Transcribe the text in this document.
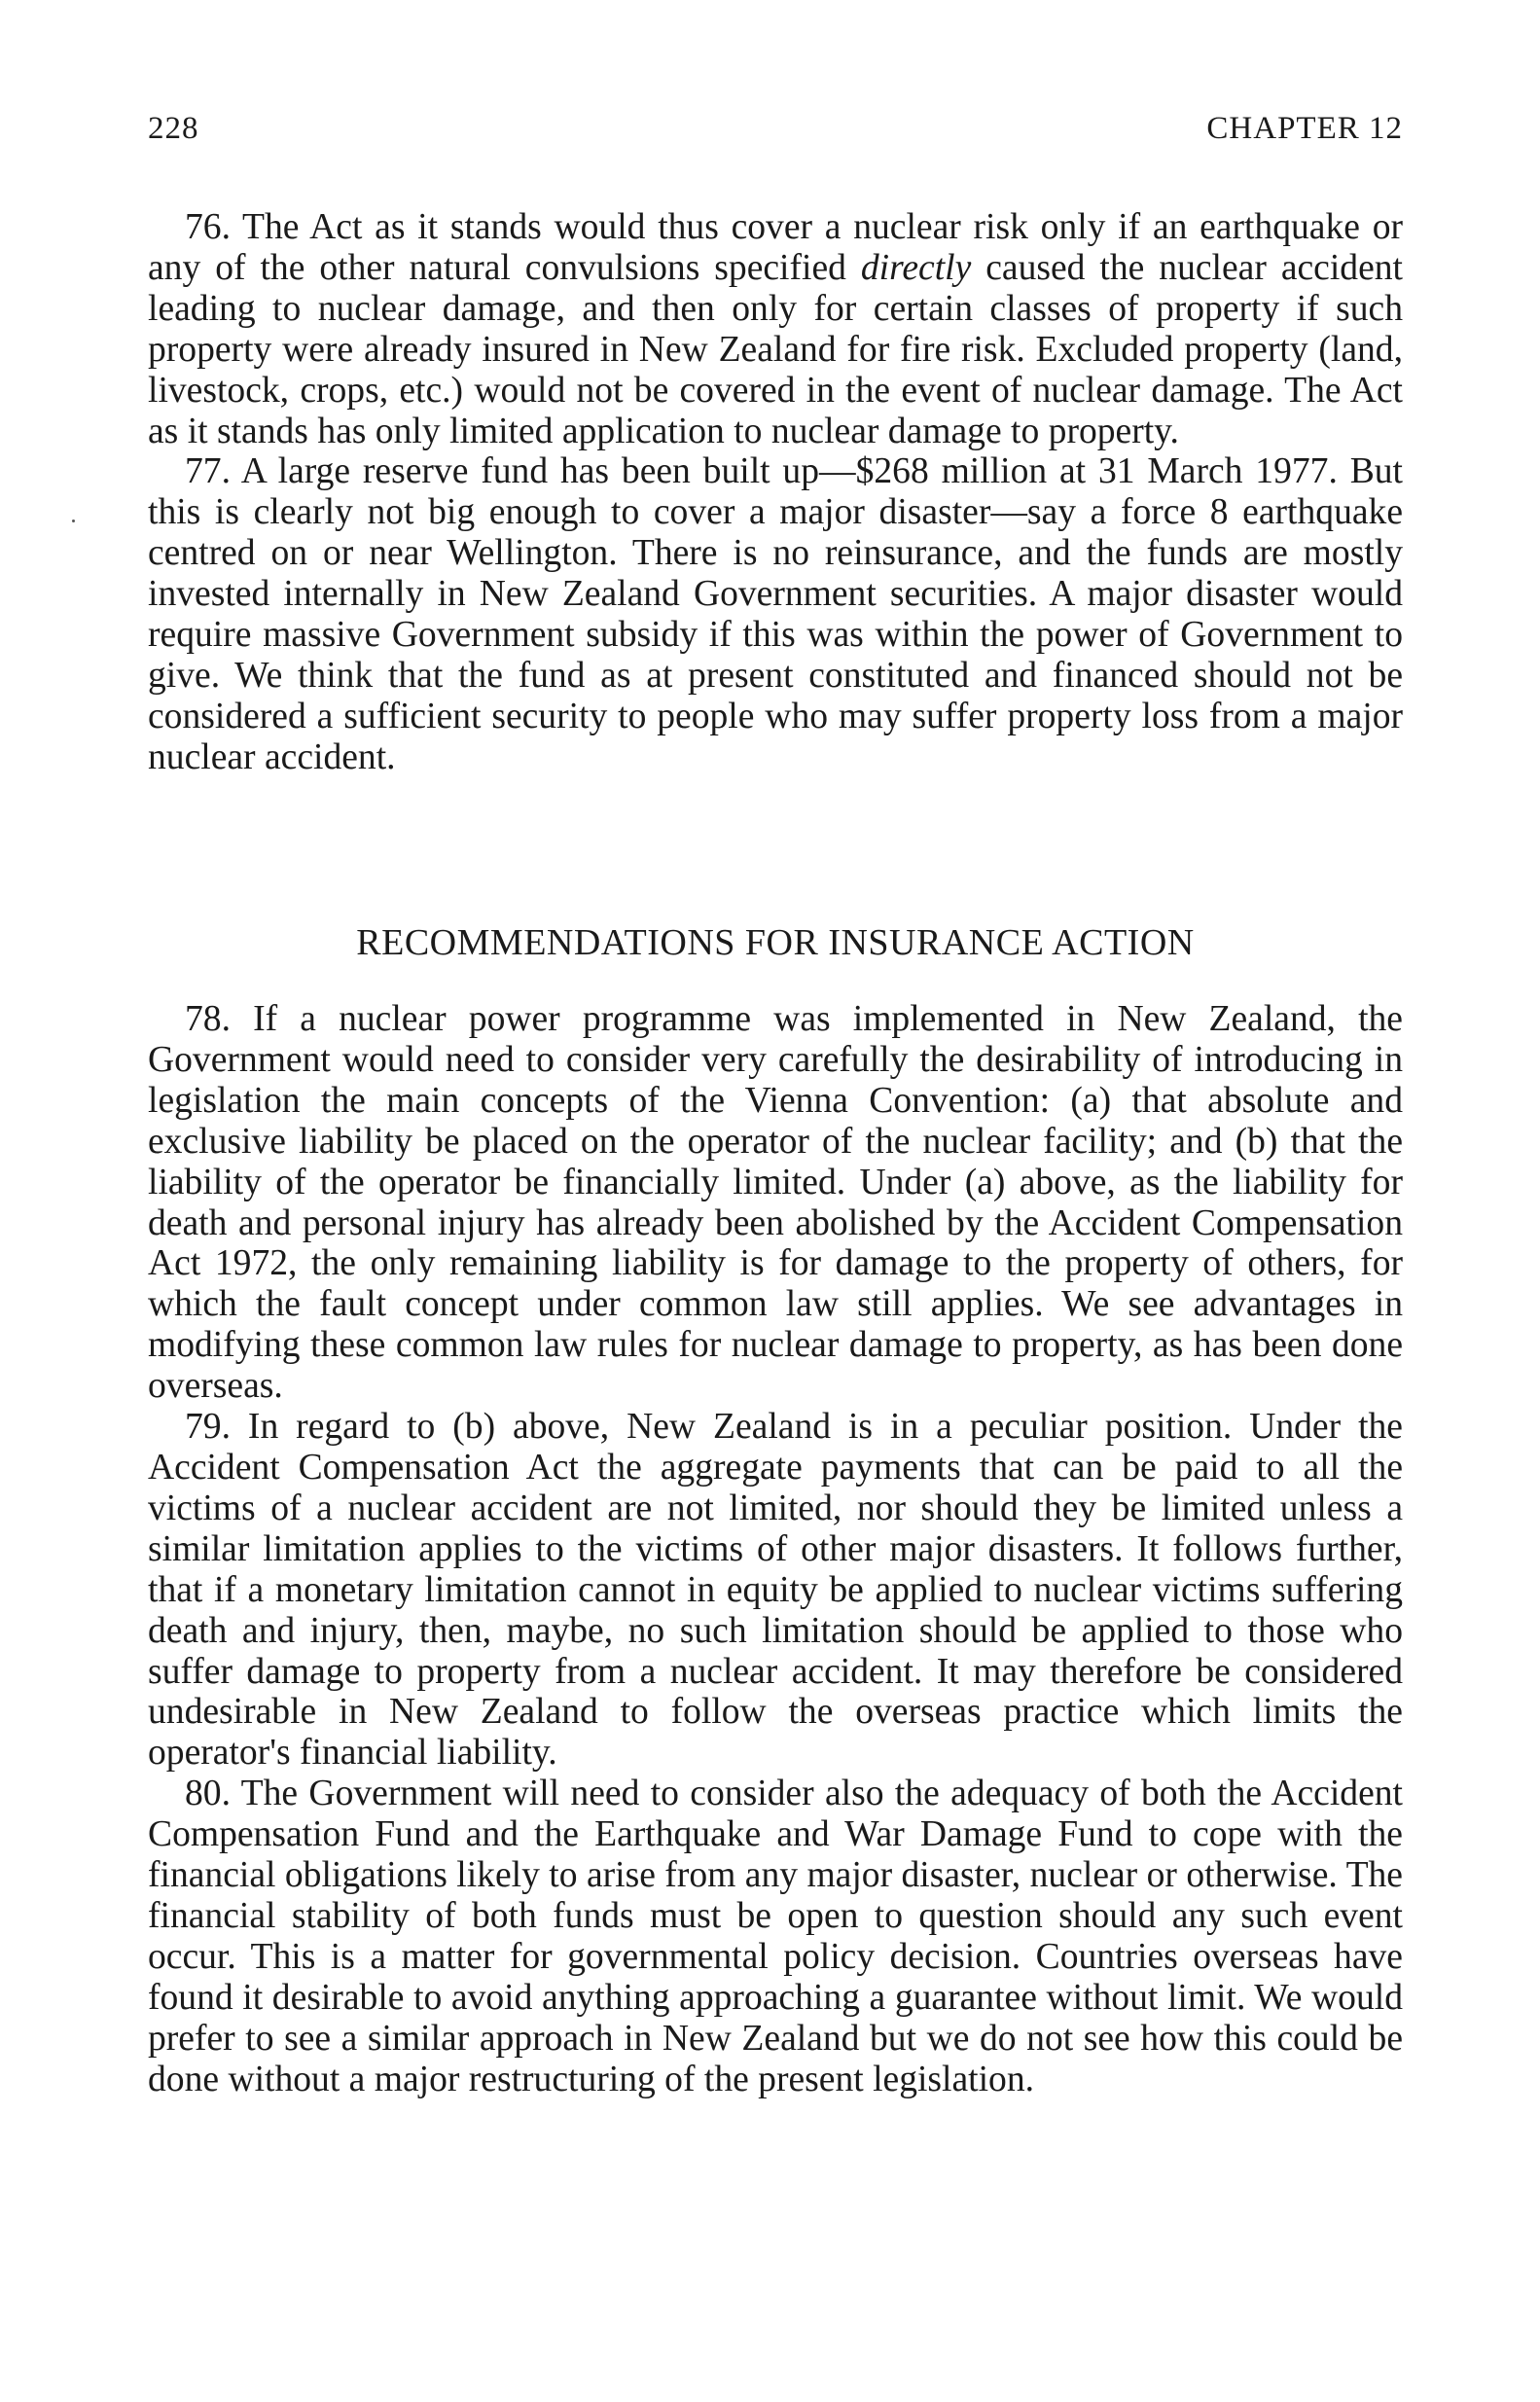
228	CHAPTER 12

76. The Act as it stands would thus cover a nuclear risk only if an earthquake or any of the other natural convulsions specified directly caused the nuclear accident leading to nuclear damage, and then only for certain classes of property if such property were already insured in New Zealand for fire risk. Excluded property (land, livestock, crops, etc.) would not be covered in the event of nuclear damage. The Act as it stands has only limited application to nuclear damage to property.

77. A large reserve fund has been built up—$268 million at 31 March 1977. But this is clearly not big enough to cover a major disaster—say a force 8 earthquake centred on or near Wellington. There is no reinsurance, and the funds are mostly invested internally in New Zealand Government securities. A major disaster would require massive Government subsidy if this was within the power of Government to give. We think that the fund as at present constituted and financed should not be considered a sufficient security to people who may suffer property loss from a major nuclear accident.

RECOMMENDATIONS FOR INSURANCE ACTION

78. If a nuclear power programme was implemented in New Zealand, the Government would need to consider very carefully the desirability of introducing in legislation the main concepts of the Vienna Convention: (a) that absolute and exclusive liability be placed on the operator of the nuclear facility; and (b) that the liability of the operator be financially limited. Under (a) above, as the liability for death and personal injury has already been abolished by the Accident Compensation Act 1972, the only remaining liability is for damage to the property of others, for which the fault concept under common law still applies. We see advantages in modifying these common law rules for nuclear damage to property, as has been done overseas.

79. In regard to (b) above, New Zealand is in a peculiar position. Under the Accident Compensation Act the aggregate payments that can be paid to all the victims of a nuclear accident are not limited, nor should they be limited unless a similar limitation applies to the victims of other major disasters. It follows further, that if a monetary limitation cannot in equity be applied to nuclear victims suffering death and injury, then, maybe, no such limitation should be applied to those who suffer damage to property from a nuclear accident. It may therefore be considered undesirable in New Zealand to follow the overseas practice which limits the operator's financial liability.

80. The Government will need to consider also the adequacy of both the Accident Compensation Fund and the Earthquake and War Damage Fund to cope with the financial obligations likely to arise from any major disaster, nuclear or otherwise. The financial stability of both funds must be open to question should any such event occur. This is a matter for governmental policy decision. Countries overseas have found it desirable to avoid anything approaching a guarantee without limit. We would prefer to see a similar approach in New Zealand but we do not see how this could be done without a major restructuring of the present legislation.
